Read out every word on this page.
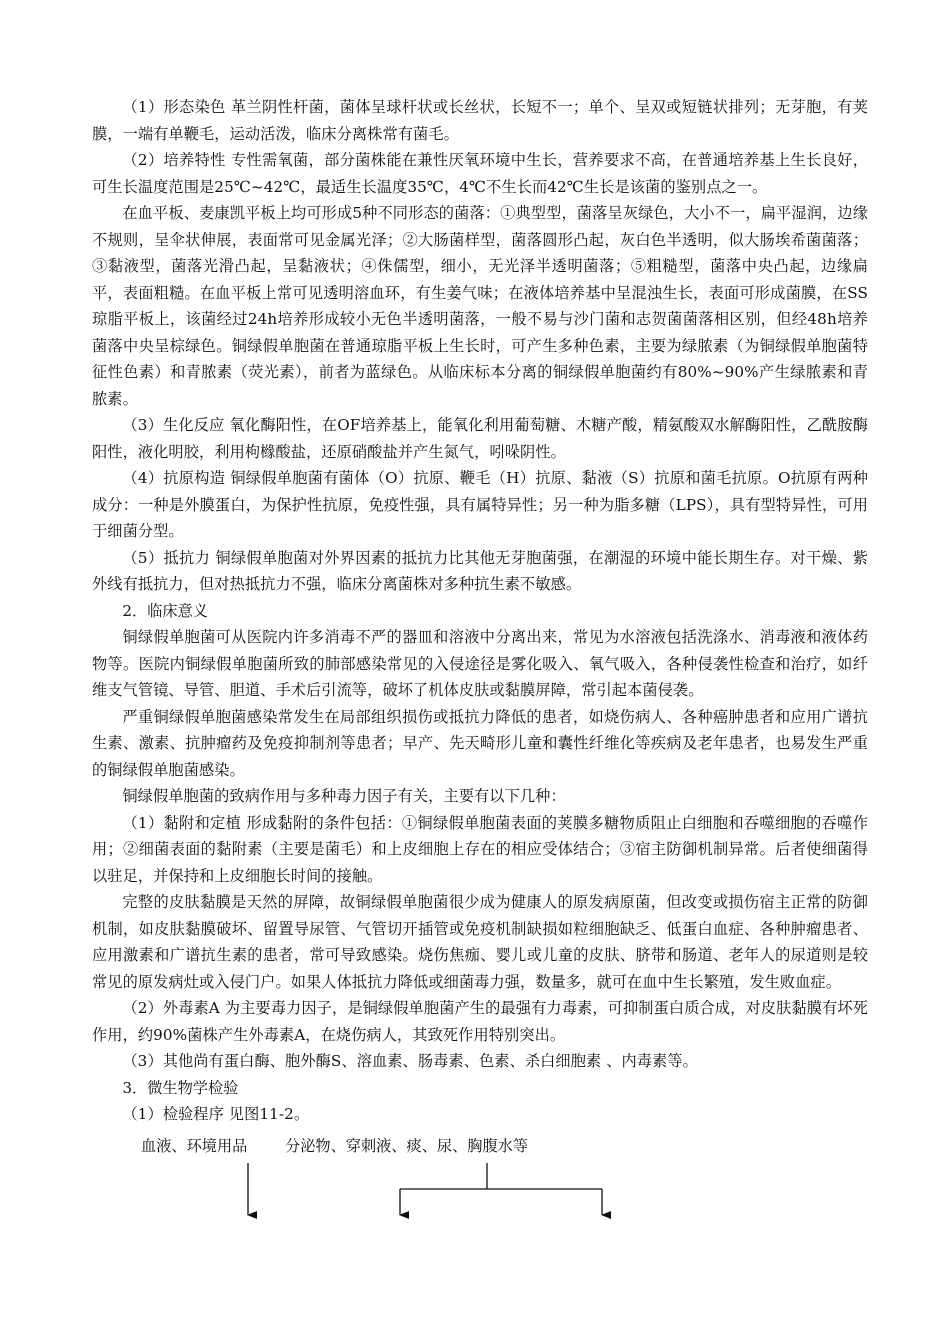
（1）形态染色 革兰阴性杆菌，菌体呈球杆状或长丝状，长短不一；单个、呈双或短链状排列；无芽胞，有荚膜，一端有单鞭毛，运动活泼，临床分离株常有菌毛。

（2）培养特性 专性需氧菌，部分菌株能在兼性厌氧环境中生长，营养要求不高，在普通培养基上生长良好，可生长温度范围是25℃~42℃，最适生长温度35℃，4℃不生长而42℃生长是该菌的鉴别点之一。

在血平板、麦康凯平板上均可形成5种不同形态的菌落：①典型型，菌落呈灰绿色，大小不一，扁平湿润，边缘不规则，呈伞状伸展，表面常可见金属光泽；②大肠菌样型，菌落圆形凸起，灰白色半透明，似大肠埃希菌菌落；③黏液型，菌落光滑凸起，呈黏液状；④侏儒型，细小，无光泽半透明菌落；⑤粗糙型，菌落中央凸起，边缘扁平，表面粗糙。在血平板上常可见透明溶血环，有生姜气味；在液体培养基中呈混浊生长，表面可形成菌膜，在SS琼脂平板上，该菌经过24h培养形成较小无色半透明菌落，一般不易与沙门菌和志贺菌菌落相区别，但经48h培养菌落中央呈棕绿色。铜绿假单胞菌在普通琼脂平板上生长时，可产生多种色素，主要为绿脓素（为铜绿假单胞菌特征性色素）和青脓素（荧光素），前者为蓝绿色。从临床标本分离的铜绿假单胞菌约有80%~90%产生绿脓素和青脓素。

（3）生化反应 氧化酶阳性，在OF培养基上，能氧化利用葡萄糖、木糖产酸，精氨酸双水解酶阳性，乙酰胺酶阳性，液化明胶，利用枸橼酸盐，还原硝酸盐并产生氮气，吲哚阴性。

（4）抗原构造 铜绿假单胞菌有菌体（O）抗原、鞭毛（H）抗原、黏液（S）抗原和菌毛抗原。O抗原有两种成分：一种是外膜蛋白，为保护性抗原，免疫性强，具有属特异性；另一种为脂多糖（LPS），具有型特异性，可用于细菌分型。

（5）抵抗力 铜绿假单胞菌对外界因素的抵抗力比其他无芽胞菌强，在潮湿的环境中能长期生存。对干燥、紫外线有抵抗力，但对热抵抗力不强，临床分离菌株对多种抗生素不敏感。

2．临床意义

铜绿假单胞菌可从医院内许多消毒不严的器皿和溶液中分离出来，常见为水溶液包括洗涤水、消毒液和液体药物等。医院内铜绿假单胞菌所致的肺部感染常见的入侵途径是雾化吸入、氧气吸入，各种侵袭性检查和治疗，如纤维支气管镜、导管、胆道、手术后引流等，破坏了机体皮肤或黏膜屏障，常引起本菌侵袭。

严重铜绿假单胞菌感染常发生在局部组织损伤或抵抗力降低的患者，如烧伤病人、各种癌肿患者和应用广谱抗生素、激素、抗肿瘤药及免疫抑制剂等患者；早产、先天畸形儿童和囊性纤维化等疾病及老年患者，也易发生严重的铜绿假单胞菌感染。

铜绿假单胞菌的致病作用与多种毒力因子有关，主要有以下几种：

（1）黏附和定植 形成黏附的条件包括：①铜绿假单胞菌表面的荚膜多糖物质阻止白细胞和吞噬细胞的吞噬作用；②细菌表面的黏附素（主要是菌毛）和上皮细胞上存在的相应受体结合；③宿主防御机制异常。后者使细菌得以驻足，并保持和上皮细胞长时间的接触。

完整的皮肤黏膜是天然的屏障，故铜绿假单胞菌很少成为健康人的原发病原菌，但改变或损伤宿主正常的防御机制，如皮肤黏膜破坏、留置导尿管、气管切开插管或免疫机制缺损如粒细胞缺乏、低蛋白血症、各种肿瘤患者、应用激素和广谱抗生素的患者，常可导致感染。烧伤焦痂、婴儿或儿童的皮肤、脐带和肠道、老年人的尿道则是较常见的原发病灶或入侵门户。如果人体抵抗力降低或细菌毒力强，数量多，就可在血中生长繁殖，发生败血症。

（2）外毒素A 为主要毒力因子，是铜绿假单胞菌产生的最强有力毒素，可抑制蛋白质合成，对皮肤黏膜有坏死作用，约90%菌株产生外毒素A，在烧伤病人，其致死作用特别突出。

（3）其他尚有蛋白酶、胞外酶S、溶血素、肠毒素、色素、杀白细胞素 、内毒素等。

3．微生物学检验

（1）检验程序 见图11-2。

血液、环境用品 分泌物、穿刺液、痰、尿、胸腹水等
